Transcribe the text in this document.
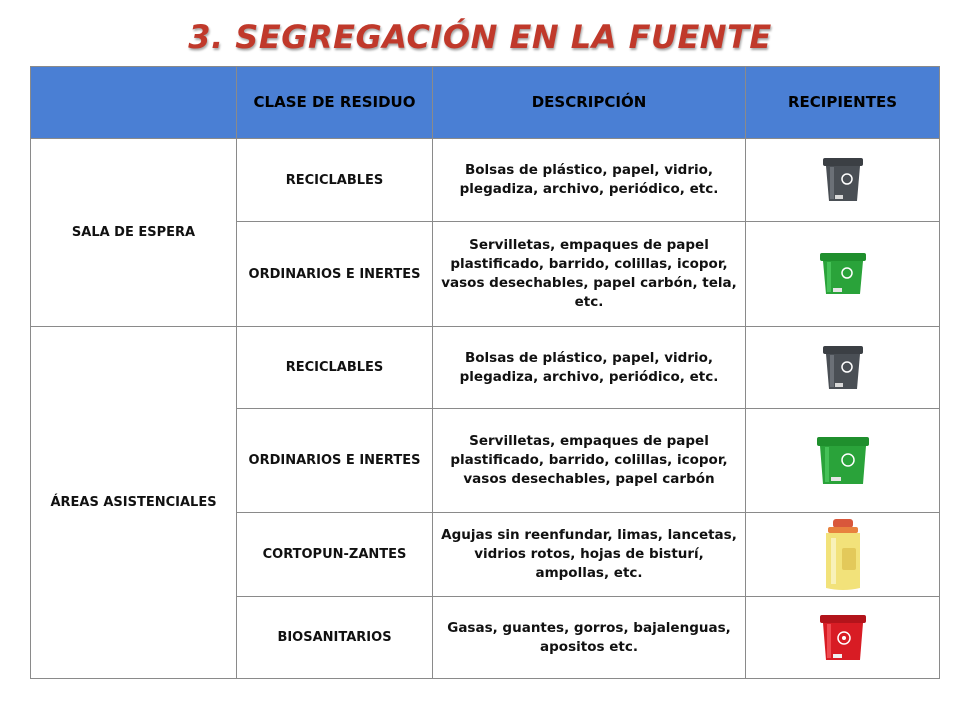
3. SEGREGACIÓN EN LA FUENTE
	CLASE DE RESIDUO	DESCRIPCIÓN	RECIPIENTES
SALA DE ESPERA	RECICLABLES	Bolsas de plástico, papel, vidrio, plegadiza, archivo, periódico, etc.	

	ORDINARIOS E INERTES	Servilletas, empaques de papel plastificado, barrido, colillas, icopor, vasos desechables, papel carbón, tela, etc.	

ÁREAS ASISTENCIALES	RECICLABLES	Bolsas de plástico, papel, vidrio, plegadiza, archivo, periódico, etc.	

	ORDINARIOS E INERTES	Servilletas, empaques de papel plastificado, barrido, colillas, icopor, vasos desechables, papel carbón	

	CORTOPUN-ZANTES	Agujas sin reenfundar, limas, lancetas, vidrios rotos, hojas de bisturí, ampollas, etc.	

	BIOSANITARIOS	Gasas, guantes, gorros, bajalenguas, apositos etc.	
